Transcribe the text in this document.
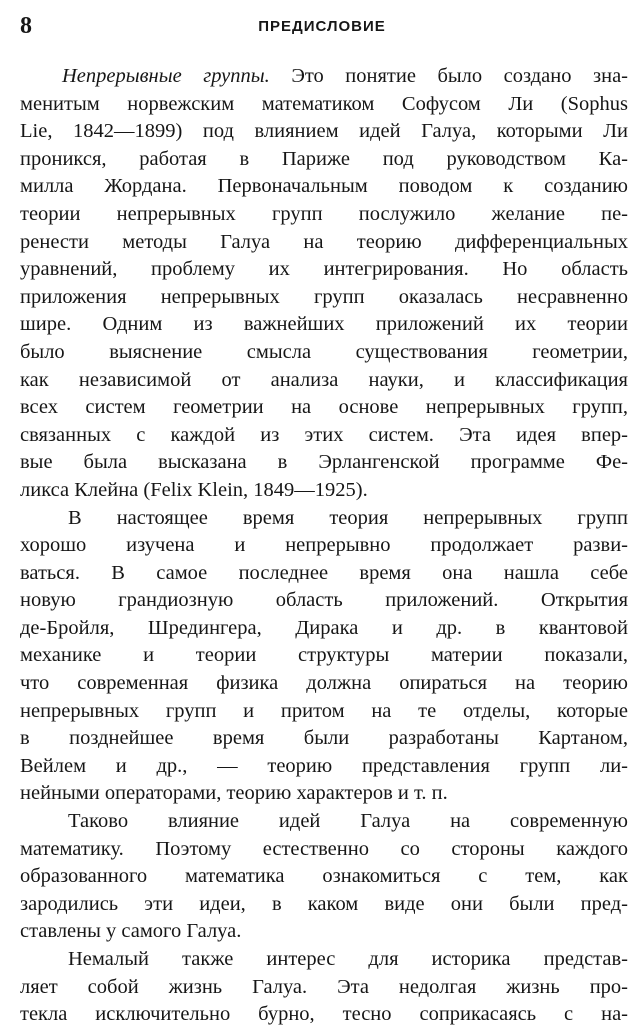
8	ПРЕДИСЛОВИЕ
Непрерывные группы. Это понятие было создано зна-
менитым норвежским математиком Софусом Ли (Sophus
Lie, 1842—1899) под влиянием идей Галуа, которыми Ли
проникся, работая в Париже под руководством Ка-
милла Жордана. Первоначальным поводом к созданию
теории непрерывных групп послужило желание пе-
ренести методы Галуа на теорию дифференциальных
уравнений, проблему их интегрирования. Но область
приложения непрерывных групп оказалась несравненно
шире. Одним из важнейших приложений их теории
было выяснение смысла существования геометрии,
как независимой от анализа науки, и классификация
всех систем геометрии на основе непрерывных групп,
связанных с каждой из этих систем. Эта идея впер-
вые была высказана в Эрлангенской программе Фе-
ликса Клейна (Felix Klein, 1849—1925).
В настоящее время теория непрерывных групп
хорошо изучена и непрерывно продолжает разви-
ваться. В самое последнее время она нашла себе
новую грандиозную область приложений. Открытия
де-Бройля, Шредингера, Дирака и др. в квантовой
механике и теории структуры материи показали,
что современная физика должна опираться на теорию
непрерывных групп и притом на те отделы, которые
в позднейшее время были разработаны Картаном,
Вейлем и др., — теорию представления групп ли-
нейными операторами, теорию характеров и т. п.
Таково влияние идей Галуа на современную
математику. Поэтому естественно со стороны каждого
образованного математика ознакомиться с тем, как
зародились эти идеи, в каком виде они были пред-
ставлены у самого Галуа.
Немалый также интерес для историка представ-
ляет собой жизнь Галуа. Эта недолгая жизнь про-
текла исключительно бурно, тесно соприкасаясь с на-
